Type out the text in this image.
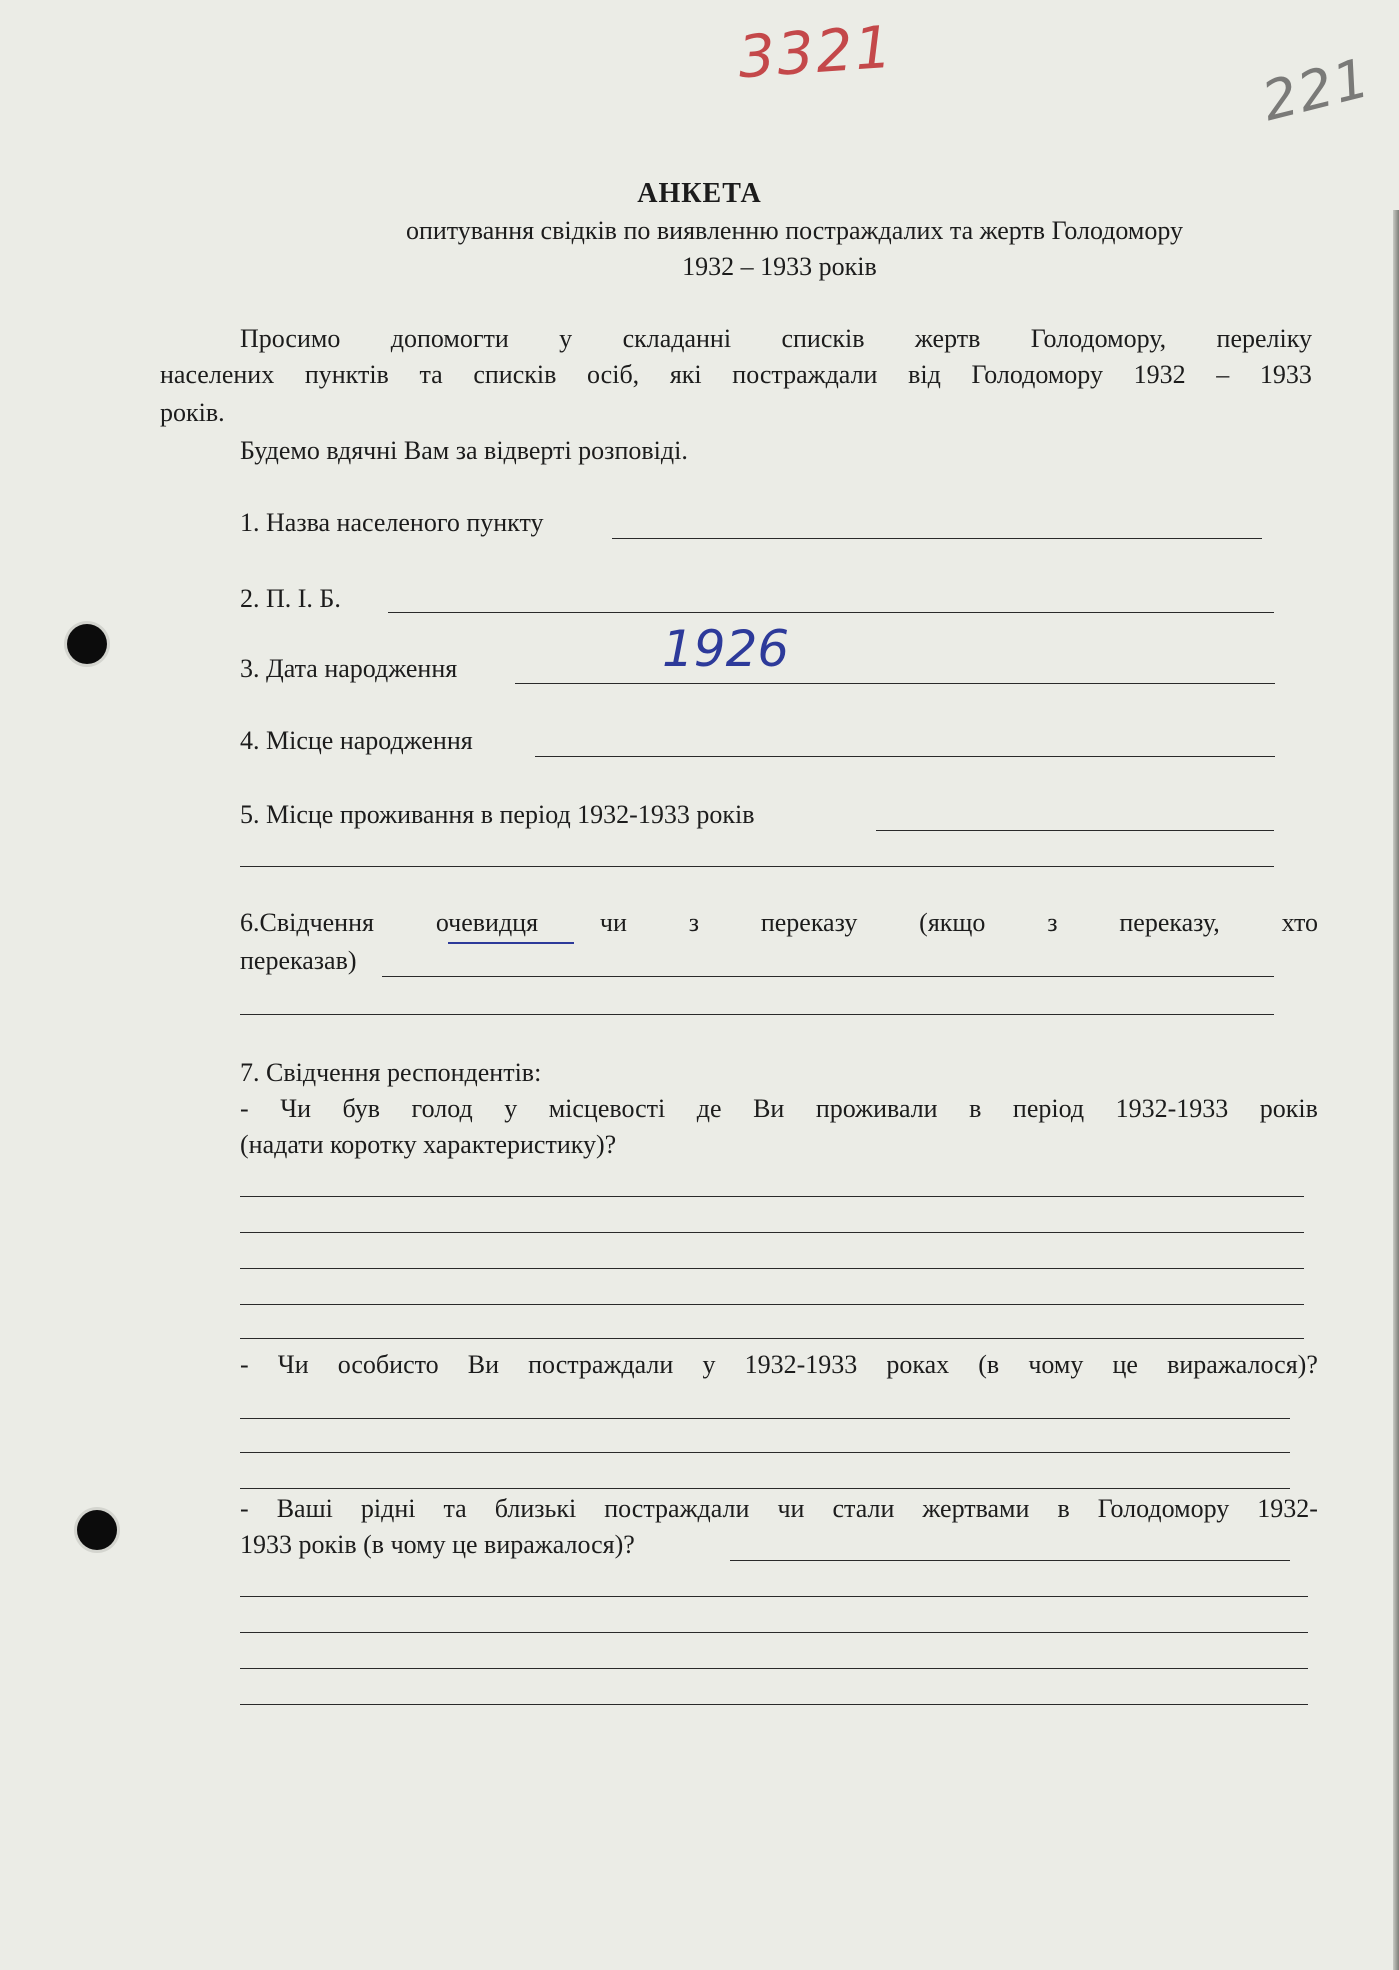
3321	221
АНКЕТА
опитування свідків по виявленню постраждалих та жертв Голодомору
1932 – 1933 років
Просимо допомогти у складанні списків жертв Голодомору, переліку
населених пунктів та списків осіб, які постраждали від Голодомору 1932 – 1933
років.
Будемо вдячні Вам за відверті розповіді.
1. Назва населеного пункту
2. П. І. Б.
3. Дата народження	1926
4. Місце народження
5. Місце проживання в період 1932-1933 років
6.Свідчення очевидця чи з переказу (якщо з переказу, хто
переказав)
7. Свідчення респондентів:
- Чи був голод у місцевості де Ви проживали в період 1932-1933 років
(надати коротку характеристику)?
- Чи особисто Ви постраждали у 1932-1933 роках (в чому це виражалося)?
- Ваші рідні та близькі постраждали чи стали жертвами в Голодомору 1932-
1933 років (в чому це виражалося)?
